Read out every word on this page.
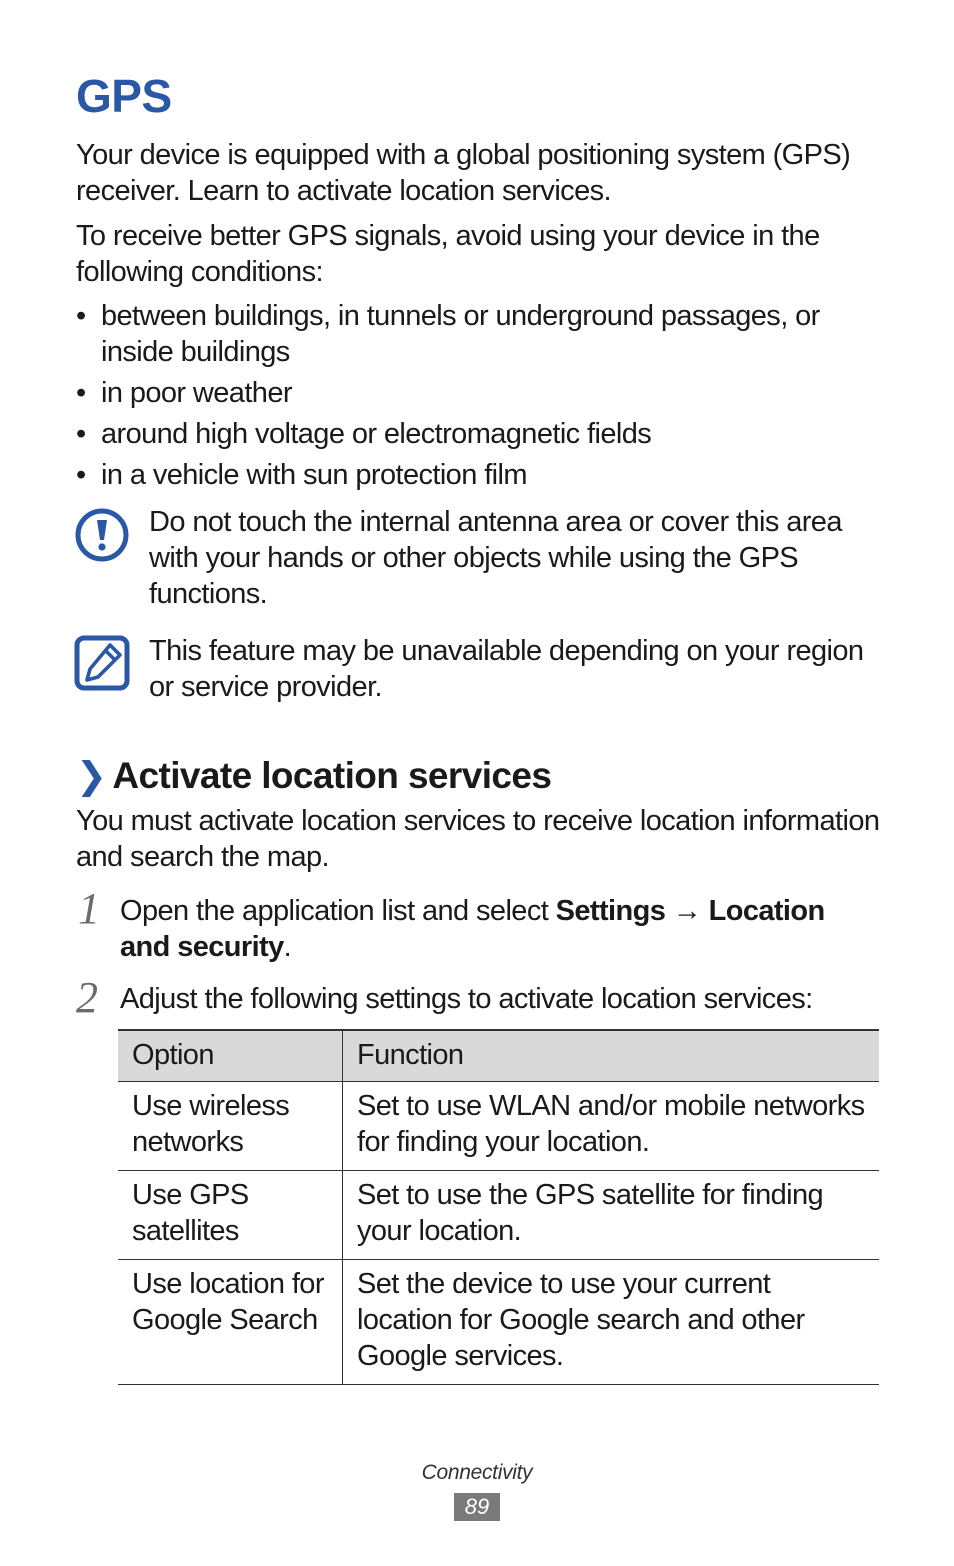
GPS
Your device is equipped with a global positioning system (GPS) receiver. Learn to activate location services.
To receive better GPS signals, avoid using your device in the following conditions:
• between buildings, in tunnels or underground passages, or inside buildings
• in poor weather
• around high voltage or electromagnetic fields
• in a vehicle with sun protection film
Do not touch the internal antenna area or cover this area with your hands or other objects while using the GPS functions.
This feature may be unavailable depending on your region or service provider.
❯ Activate location services
You must activate location services to receive location information and search the map.
1 Open the application list and select Settings → Location and security.
2 Adjust the following settings to activate location services:
Option	Function
Use wireless networks	Set to use WLAN and/or mobile networks for finding your location.
Use GPS satellites	Set to use the GPS satellite for finding your location.
Use location for Google Search	Set the device to use your current location for Google search and other Google services.
Connectivity
89
